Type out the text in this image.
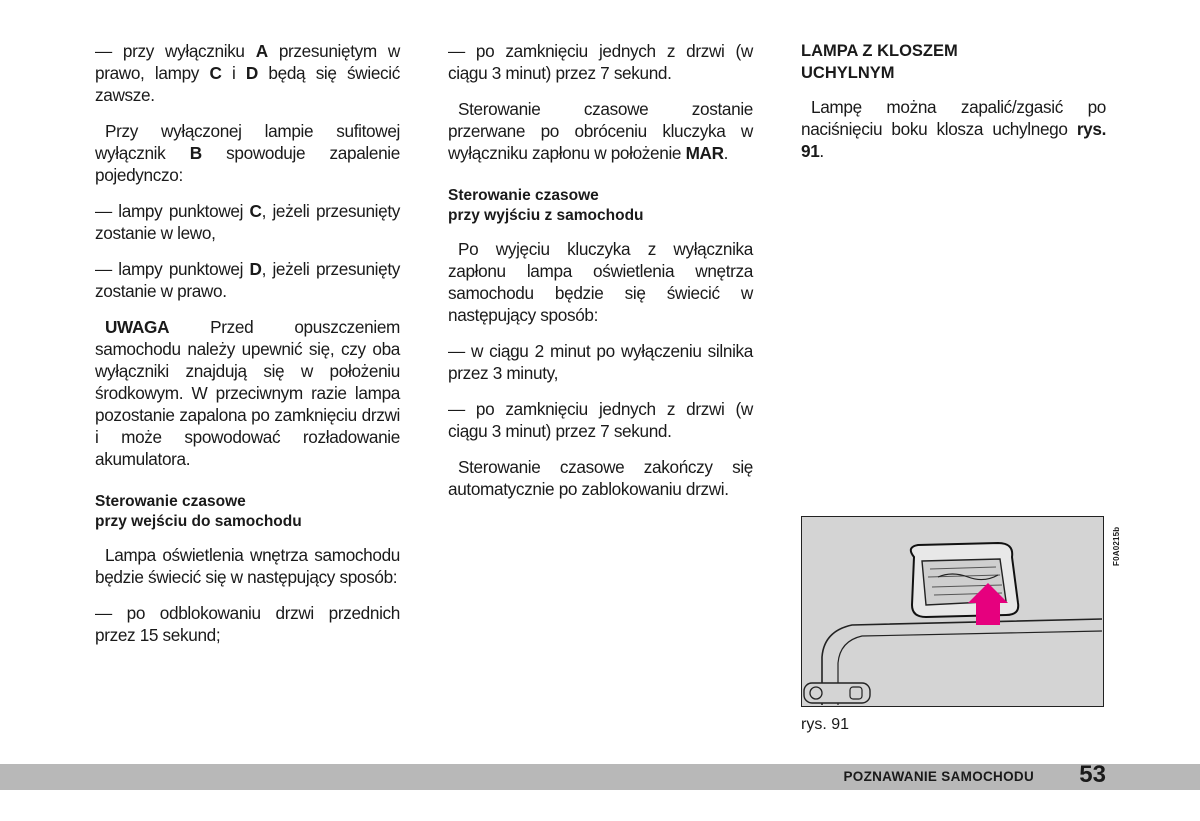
— przy wyłączniku A przesuniętym w prawo, lampy C i D będą się świecić zawsze.

Przy wyłączonej lampie sufitowej wyłącznik B spowoduje zapalenie pojedynczo:

— lampy punktowej C, jeżeli przesunięty zostanie w lewo,

— lampy punktowej D, jeżeli przesunięty zostanie w prawo.

UWAGA Przed opuszczeniem samochodu należy upewnić się, czy oba wyłączniki znajdują się w położeniu środkowym. W przeciwnym razie lampa pozostanie zapalona po zamknięciu drzwi i może spowodować rozładowanie akumulatora.

Sterowanie czasowe
przy wejściu do samochodu

Lampa oświetlenia wnętrza samochodu będzie świecić się w następujący sposób:

— po odblokowaniu drzwi przednich przez 15 sekund;

— po zamknięciu jednych z drzwi (w ciągu 3 minut) przez 7 sekund.

Sterowanie czasowe zostanie przerwane po obróceniu kluczyka w wyłączniku zapłonu w położenie MAR.

Sterowanie czasowe
przy wyjściu z samochodu

Po wyjęciu kluczyka z wyłącznika zapłonu lampa oświetlenia wnętrza samochodu będzie się świecić w następujący sposób:

— w ciągu 2 minut po wyłączeniu silnika przez 3 minuty,

— po zamknięciu jednych z drzwi (w ciągu 3 minut) przez 7 sekund.

Sterowanie czasowe zakończy się automatycznie po zablokowaniu drzwi.

LAMPA Z KLOSZEM
UCHYLNYM

Lampę można zapalić/zgasić po naciśnięciu boku klosza uchylnego rys. 91.

F0A0215b
rys. 91
POZNAWANIE SAMOCHODU 53
